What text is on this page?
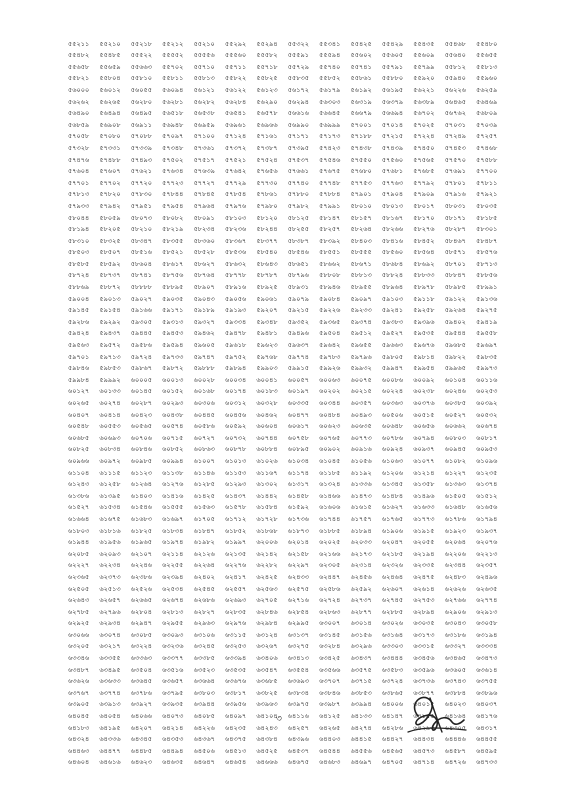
৫৫২১১	৫৫২১০	৫৫২১৮	৫৫২১২	৫৫২১০	৫৫২৯২	৫৫২৯৪	৫৫৩২২	৫৫৩৪১	৫৫৪২৫	৫৫৪২৯	৫৫৪৩৫	৫৫৪৬৮	৫৫৪৮০
৫৫৪৮২	৫৫৪৮৫	৫৫৫২২	৫৫৫৫২	৫৫৫৫৬	৫৫৫৬০	৫৫৫৮২	৫৫৫৯১	৫৫৫৯৪	৫৫৬০২	৫৫৬০৫	৫৫৬০৯	৫৫৬৪০	৫৫৬৫৫
৫৫৬৫৮	৫৫৬৫৯	৫৫৬৬৩	৫৫৭০২	৫৫৭১০	৫৫৭১১	৫৫৭১৮	৫৫৭২৯	৫৫৭৪০	৫৫৭৪১	৫৫৭৯১	৫৫৭৯৯	৫৫৮১২	৫৫৮১৩
৫৫৮২১	৫৫৮০৪	৫৫৮১০	৫৫৮১১	৫৫৮১৩	৫৫৮২২	৫৫৮২৫	৫৫৮৩৫	৫৫৮৫২	৫৫৮৬১	৫৫৮৮০	৫৫৯২০	৫৫৯৪০	৫৫৯৬০
৫৬০০০	৫৬০১২	৫৬০৫৫	৫৬০৯৪	৫৬১২১	৫৬১২২	৫৬১২৩	৫৬১৭২	৫৬১৭৯	৫৬১৯২	৫৬১৯৫	৫৬২২১	৫৬২২৬	৫৬২৫৯
৫৬২৬২	৫৬২৬৫	৫৬২৮০	৫৬২৮১	৫৬২৮২	৫৬২৮৪	৫৬২৯০	৫৬২৯৪	৫৬৩০৩	৫৬৩১৯	৫৬৩৭৯	৫৬৩৮৯	৫৬৪৬৫	৫৬৪৬৯
৫৬৪৯০	৫৬৪৯৪	৫৬৪৯৫	৫৬৫১৮	৫৬৫৩৮	৫৬৫৪১	৫৬৫৭৮	৫৬৬১৬	৫৬৬৪৫	৫৬৬৭৯	৫৬৬৯৪	৫৬৭০২	৫৬৭৬২	৫৬৮০৯
৫৬৮৫৯	৫৬৯০৮	৫৬৯১১	৫৬৯৪৮	৫৬৯৫৯	৫৬৯৬১	৫৬৯৬৬	৫৬৯৯০	৫৬৯৯৯	৫৭০০১	৫৭০১৪	৫৭০২৫	৫৭০৩১	৫৭০৩৯
৫৭০৫৮	৫৭০৮০	৫৭০৮৮	৫৭০৯৭	৫৭১০০	৫৭১২৪	৫৭১৬১	৫৭১৭১	৫৭১৭৩	৫৭১৮৮	৫৭২১৫	৫৭২২৪	৫৭২৪৯	৫৭২৫৭
৫৭৩২৮	৫৭৩৩১	৫৭৩৩৯	৫৭৩৪৮	৫৭৩৬১	৫৭৩৭২	৫৭৩৮৭	৫৭৩৯৫	৫৭৪২৩	৫৭৪৩৮	৫৭৪৩৯	৫৭৪৫০	৫৭৪৫৩	৫৭৪৬৮
৫৭৪৭৬	৫৭৪৮৮	৫৭৪৯৩	৫৭৫০২	৫৭৫১৭	৫৭৫২১	৫৭৫২৪	৫৭৫৩৭	৫৭৫৪৬	৫৭৫৫০	৫৭৫৬০	৫৭৫৬৫	৫৭৫৭০	৫৭৫৮৮
৫৭৬০৪	৫৭৬০৭	৫৭৬২১	৫৭৬৩৪	৫৭৬৩৯	৫৭৬৪২	৫৭৬৫৬	৫৭৬৬১	৫৭৬৭৫	৫৭৬৮০	৫৭৬৮১	৫৭৬৮৫	৫৭৬৯১	৫৭৭০০
৫৭৭০১	৫৭৭০২	৫৭৭২০	৫৭৭২৩	৫৭৭২৭	৫৭৭২৯	৫৭৭৩০	৫৭৭৪০	৫৭৭৪৮	৫৭৭৫৩	৫৭৭৬৩	৫৭৭৯২	৫৭৮০১	৫৭৮১১
৫৭৮১৩	৫৭৮২০	৫৭৮৩০	৫৭৮৪৪	৫৭৮৪৫	৫৭৮৫৪	৫৭৮৬১	৫৭৮৮০	৫৭৮৮৪	৫৭৯০১	৫৭৯০৪	৫৭৯০৯	৫৭৯১৬	৫৭৯২১
৫৭৯৩৩	৫৭৯৪২	৫৭৯৫১	৫৭৯৫৪	৫৭৯৬৪	৫৭৯৭৬	৫৭৯৮০	৫৭৯৮২	৫৭৯৯১	৫৮০১০	৫৮০১৩	৫৮০১৭	৫৮০৩১	৫৮০৩৫
৫৮০৪৪	৫৮০৫৯	৫৮০৭৩	৫৮০৮২	৫৮০৯১	৫৮১০৩	৫৮১২০	৫৮১২৫	৫৮১৪৭	৫৮১৫৭	৫৮১৬৭	৫৮১৭০	৫৮১৭১	৫৮১৮৫
৫৮১৯৪	৫৮২০৫	৫৮২১০	৫৮২১৯	৫৮২৩৪	৫৮২৩৬	৫৮২৪৪	৫৮২৫৫	৫৮২৫৭	৫৮২৬৪	৫৮২৬৬	৫৮২৭৬	৫৮২৮৭	৫৮৩০১
৫৮৩১০	৫৮৩২৫	৫৮৩৪৭	৫৮৩৫৫	৫৮৩৬০	৫৮৩৬৭	৫৮৩৭৭	৫৮৩৮৭	৫৮৩৯২	৫৮৪০৩	৫৮৪১৬	৫৮৪৫২	৫৮৪৬৭	৫৮৪৮৭
৫৮৫০৩	৫৮৫০৭	৫৮৫১৬	৫৮৫২১	৫৮৫২৮	৫৮৫৩৬	৫৮৫৪০	৫৮৫৪৬	৫৮৫৫১	৫৮৫৫৫	৫৮৫৬০	৫৮৫৬৪	৫৮৫৭১	৫৮৫৭৬
৫৮৫৮৫	৫৮৫৯২	৫৮৬০৪	৫৮৬১৭	৫৮৬২৭	৫৮৬৩২	৫৮৬৪৩	৫৮৬৫১	৫৮৬৬২	৫৮৬৭১	৫৮৬৮৪	৫৮৬৯২	৫৮৭০১	৫৮৭১৩
৫৮৭২৪	৫৮৭৩৭	৫৮৭৪১	৫৮৭৫৬	৫৮৭৬৪	৫৮৭৭৮	৫৮৭৮৭	৫৮৭৯৬	৫৮৮০৮	৫৮৮১৩	৫৮৮২৪	৫৮৮৩৩	৫৮৮৪৭	৫৮৮৫৬
৫৮৮৬৯	৫৮৮৭২	৫৮৮৮৮	৫৮৮৯৫	৫৮৯০৭	৫৮৯১৬	৫৮৯২৫	৫৮৯৩১	৫৮৯৪৬	৫৮৯৫৫	৫৮৯৬৪	৫৮৯৭৮	৫৮৯৮৫	৫৮৯৯১
৫৯০০৪	৫৯০১৩	৫৯০২৭	৫৯০৩৫	৫৯০৪৩	৫৯০৫৬	৫৯০৬১	৫৯০৭৯	৫৯০৮৪	৫৯০৯৭	৫৯১০৩	৫৯১১৮	৫৯১২২	৫৯১৩৬
৫৯১৪৫	৫৯১৫৪	৫৯১৬৬	৫৯১৭১	৫৯১৮৯	৫৯১৯৩	৫৯২০৭	৫৯২১৫	৫৯২২৬	৫৯২৩৩	৫৯২৪১	৫৯২৫৮	৫৯২৬৪	৫৯২৭৫
৫৯২৮৬	৫৯২৯২	৫৯৩০৫	৫৯৩১৩	৫৯৩২৭	৫৯৩৩৪	৫৯৩৪৮	৫৯৩৫২	৫৯৩৬৫	৫৯৩৭৪	৫৯৩৮৩	৫৯৩৯৬	৫৯৪০২	৫৯৪১৯
৫৯৪২৪	৫৯৪৩৭	৫৯৪৪৫	৫৯৪৫৩	৫৯৪৬২	৫৯৪৭৮	৫৯৪৮১	৫৯৪৯৬	৫৯৫০৪	৫৯৫১২	৫৯৫২৭	৫৯৫৩৫	৫৯৫৪৪	৫৯৫৫৮
৫৯৫৬৩	৫৯৫৭২	৫৯৫৮৬	৫৯৫৯৪	৫৯৬০৫	৫৯৬১৮	৫৯৬২৩	৫৯৬৩৭	৫৯৬৪২	৫৯৬৫৫	৫৯৬৬৩	৫৯৬৭৬	৫৯৬৮৫	৫৯৬৯৭
৫৯৭০১	৫৯৭১৩	৫৯৭২৪	৫৯৭৩৩	৫৯৭৪৭	৫৯৭৫২	৫৯৭৬৮	৫৯৭৭৪	৫৯৭৮৩	৫৯৭৯৬	৫৯৮০৫	৫৯৮১৪	৫৯৮২২	৫৯৮৩৫
৫৯৮৪৬	৫৯৮৫৩	৫৯৮৬৭	৫৯৮৭২	৫৯৮৮৮	৫৯৮৯৪	৫৯৯০৩	৫৯৯১৫	৫৯৯২৬	৫৯৯৩২	৫৯৯৪৭	৫৯৯৫৪	৫৯৯৬৫	৫৯৯৭৩
৫৯৯৮৪	৫৯৯৯২	৬০০০৫	৬০০১৩	৬০০২৮	৬০০৩৪	৬০০৪১	৬০০৫৭	৬০০৬৩	৬০০৭৫	৬০০৮৬	৬০০৯২	৬০১০৪	৬০১১৬
৬০১২৭	৬০১৩৩	৬০১৪৫	৬০১৫২	৬০১৬৮	৬০১৭৪	৬০১৮৩	৬০১৯৭	৬০২০২	৬০২১৫	৬০২২৪	৬০২৩৮	৬০২৪৬	৬০২৫৩
৬০২৬৫	৬০২৭৪	৬০২৮৭	৬০২৯৩	৬০৩০৬	৬০৩১২	৬০৩২৮	৬০৩৩৫	৬০৩৪৪	৬০৩৫৭	৬০৩৬৩	৬০৩৭৬	৬০৩৮৫	৬০৩৯২
৬০৪০৭	৬০৪১৪	৬০৪২৩	৬০৪৩৮	৬০৪৪৫	৬০৪৫৬	৬০৪৬২	৬০৪৭৭	৬০৪৮৪	৬০৪৯৩	৬০৫০৬	৬০৫১৫	৬০৫২৭	৬০৫৩২
৬০৫৪৮	৬০৫৫৩	৬০৫৬৫	৬০৫৭৪	৬০৫৮৬	৬০৫৯২	৬০৬০৪	৬০৬১৭	৬০৬২৩	৬০৬৩৫	৬০৬৪৮	৬০৬৫৬	৬০৬৬২	৬০৬৭৪
৬০৬৮৫	৬০৬৯৩	৬০৭০৬	৬০৭১৫	৬০৭২৭	৬০৭৩২	৬০৭৪৪	৬০৭৫৮	৬০৭৬৫	৬০৭৭৩	৬০৭৮৬	৬০৭৯৪	৬০৮০৩	৬০৮১৭
৬০৮২৫	৬০৮৩৪	৬০৮৪৬	৬০৮৫২	৬০৮৬৩	৬০৮৭৮	৬০৮৮৪	৬০৮৯৫	৬০৯০২	৬০৯১৬	৬০৯২৪	৬০৯৩৭	৬০৯৪৫	৬০৯৫৩
৬০৯৬৬	৬০৯৭২	৬০৯৮৫	৬০৯৯৪	৬১০০৭	৬১০১৩	৬১০২৬	৬১০৩৪	৬১০৪৫	৬১০৫৬	৬১০৬৩	৬১০৭৭	৬১০৮২	৬১০৯৬
৬১১০৪	৬১১১৫	৬১১২৩	৬১১৩৮	৬১১৪৬	৬১১৫৩	৬১১৬৭	৬১১৭৪	৬১১৮৫	৬১১৯২	৬১২০৬	৬১২১৪	৬১২২৭	৬১২৩৫
৬১২৪৩	৬১২৫৮	৬১২৬৪	৬১২৭৬	৬১২৮৫	৬১২৯৩	৬১৩০২	৬১৩১৭	৬১৩২৪	৬১৩৩৬	৬১৩৪৫	৬১৩৫৮	৬১৩৬৩	৬১৩৭৪
৬১৩৮৬	৬১৩৯৫	৬১৪০৩	৬১৪১৬	৬১৪২৫	৬১৪৩৭	৬১৪৪২	৬১৪৫৮	৬১৪৬৬	৬১৪৭৩	৬১৪৮৪	৬১৪৯৬	৬১৫০৫	৬১৫১২
৬১৫২৭	৬১৫৩৪	৬১৫৪৬	৬১৫৫৫	৬১৫৬৩	৬১৫৭৮	৬১৫৮৪	৬১৫৯২	৬১৬০৬	৬১৬১৫	৬১৬২৭	৬১৬৩৩	৬১৬৪৮	৬১৬৫৬
৬১৬৬৪	৬১৬৭৫	৬১৬৮৩	৬১৬৯৭	৬১৭০৫	৬১৭১২	৬১৭২৮	৬১৭৩৬	৬১৭৪৪	৬১৭৫৭	৬১৭৬৫	৬১৭৭৩	৬১৭৮৬	৬১৭৯৪
৬১৮০৩	৬১৮১৬	৬১৮২৫	৬১৮৩৪	৬১৮৪৭	৬১৮৫২	৬১৮৬৮	৬১৮৭৩	৬১৮৮৫	৬১৮৯৪	৬১৯০৬	৬১৯১৫	৬১৯২৩	৬১৯৩৭
৬১৯৪৪	৬১৯৫৬	৬১৯৬৫	৬১৯৭৪	৬১৯৮২	৬১৯৯৭	৬২০০৬	৬২০১৪	৬২০২৫	৬২০৩৩	৬২০৪৭	৬২০৫৫	৬২০৬৪	৬২০৭৬
৬২০৮৫	৬২০৯৩	৬২১০৭	৬২১১৪	৬২১২৬	৬২১৩৫	৬২১৪২	৬২১৫৮	৬২১৬৬	৬২১৭৩	৬২১৮৫	৬২১৯৪	৬২২০৬	৬২২১৩
৬২২২৭	৬২২৩৪	৬২২৪৬	৬২২৫৫	৬২২৬৪	৬২২৭৬	৬২২৮২	৬২২৯৭	৬২৩০৫	৬২৩১৪	৬২৩২৬	৬২৩৩৫	৬২৩৪৪	৬২৩৫৭
৬২৩৬৫	৬২৩৭৩	৬২৩৮৬	৬২৩৯৪	৬২৪০২	৬২৪১৭	৬২৪২৫	৬২৪৩৩	৬২৪৪৭	৬২৪৫৬	৬২৪৬৪	৬২৪৭৫	৬২৪৮৩	৬২৪৯৬
৬২৫০৫	৬২৫১৩	৬২৫২৬	৬২৫৩৪	৬২৫৪৫	৬২৫৫৭	৬২৫৬৩	৬২৫৭৫	৬২৫৮৬	৬২৫৯২	৬২৬০৭	৬২৬১৪	৬২৬২৬	৬২৬৩৫
৬২৬৪৩	৬২৬৫৭	৬২৬৬৫	৬২৬৭৪	৬২৬৮৬	৬২৬৯৩	৬২৭০৫	৬২৭১৬	৬২৭২৪	৬২৭৩৭	৬২৭৪৫	৬২৭৫৩	৬২৭৬৬	৬২৭৭৪
৬২৭৮৫	৬২৭৯৬	৬২৮০৪	৬২৮১৩	৬২৮২৭	৬২৮৩৫	৬২৮৪৬	৬২৮৫৪	৬২৮৬৩	৬২৮৭৭	৬২৮৮৫	৬২৮৯৪	৬২৯০৬	৬২৯১৩
৬২৯২৫	৬২৯৩৪	৬২৯৪৭	৬২৯৫৫	৬২৯৬৩	৬২৯৭৬	৬২৯৮৪	৬২৯৯৫	৬৩০০৭	৬৩০১৪	৬৩০২৬	৬৩০৩৫	৬৩০৪৩	৬৩০৫৮
৬৩০৬৬	৬৩০৭৪	৬৩০৮৫	৬৩০৯৩	৬৩১০৬	৬৩১১৫	৬৩১২৪	৬৩১৩৭	৬৩১৪৫	৬৩১৫৬	৬৩১৬৪	৬৩১৭৩	৬৩১৮৬	৬৩১৯৪
৬৩২০৫	৬৩২১৭	৬৩২২৪	৬৩২৩৬	৬৩২৪৫	৬৩২৫৩	৬৩২৬৭	৬৩২৭৫	৬৩২৮৪	৬৩২৯৬	৬৩৩০৩	৬৩৩১৫	৬৩৩২৭	৬৩৩৩৪
৬৩৩৪৬	৬৩৩৫৫	৬৩৩৬৩	৬৩৩৭৭	৬৩৩৮৫	৬৩৩৯৪	৬৩৪০৬	৬৩৪১৩	৬৩৪২৫	৬৩৪৩৭	৬৩৪৪৪	৬৩৪৫৬	৬৩৪৬৫	৬৩৪৭৩
৬৩৪৮৭	৬৩৪৯৫	৬৩৫০৪	৬৩৫১৬	৬৩৫২৩	৬৩৫৩৫	৬৩৫৪৭	৬৩৫৫৪	৬৩৫৬৬	৬৩৫৭৫	৬৩৫৮৩	৬৩৫৯৬	৬৩৬০৫	৬৩৬১৪
৬৩৬২৬	৬৩৬৩৩	৬৩৬৪৫	৬৩৬৫৭	৬৩৬৬৪	৬৩৬৭৬	৬৩৬৮৫	৬৩৬৯৩	৬৩৭০৭	৬৩৭১৫	৬৩৭২৪	৬৩৭৩৬	৬৩৭৪৩	৬৩৭৫৫
৬৩৭৬৭	৬৩৭৭৪	৬৩৭৮৬	৬৩৭৯৫	৬৩৮০৩	৬৩৮১৭	৬৩৮২৫	৬৩৮৩৪	৬৩৮৪৬	৬৩৮৫৩	৬৩৮৬৫	৬৩৮৭৭	৬৩৮৮৪	৬৩৮৯৬
৬৩৯০৫	৬৩৯১৩	৬৩৯২৭	৬৩৯৩৫	৬৩৯৪৪	৬৩৯৫৬	৬৩৯৬৩	৬৩৯৭৫	৬৩৯৮৭	৬৩৯৯৪	৬৪০০৬	৬৪০১৫	৬৪০২৩	৬৪০৩৭
৬৪০৪৫	৬৪০৫৪	৬৪০৬৬	৬৪০৭৩	৬৪০৮৫	৬৪০৯৭	৬৪১০৪	৬৪১১৬	৬৪১২৫	৬৪১৩৩	৬৪১৪৭	৬৪১৫৫	৬৪১৬৪	৬৪১৭৬
৬৪১৮৩	৬৪১৯৫	৬৪২০৭	৬৪২১৪	৬৪২২৬	৬৪২৩৫	৬৪২৪৩	৬৪২৫৭	৬৪২৬৫	৬৪২৭৪	৬৪২৮৬	৬৪২৯৩	৬৪৩০৫	৬৪৩১৭
৬৪৩২৪	৬৪৩৩৬	৬৪৩৪৫	৬৪৩৫৩	৬৪৩৬৭	৬৪৩৭৫	৬৪৩৮৪	৬৪৩৯৬	৬৪৪০৩	৬৪৪১৫	৬৪৪২৭	৬৪৪৩৪	৬৪৪৪৬	৬৪৪৫৫
৬৪৪৬৩	৬৪৪৭৭	৬৪৪৮৫	৬৪৪৯৪	৬৪৫০৬	৬৪৫১৩	৬৪৫২৫	৬৪৫৩৭	৬৪৫৪৪	৬৪৫৫৬	৬৪৫৬৫	৬৪৫৭৩	৬৪৫৮৭	৬৪৫৯৫
৬৪৬০৪	৬৪৬১৬	৬৪৬২৩	৬৪৬৩৫	৬৪৬৪৭	৬৪৬৫৪	৬৪৬৬৬	৬৪৬৭৫	৬৪৬৮৩	৬৪৬৯৭	৬৪৭০৫	৬৪৭১৪	৬৪৭২৬	৬৪৭৩৩
৩
